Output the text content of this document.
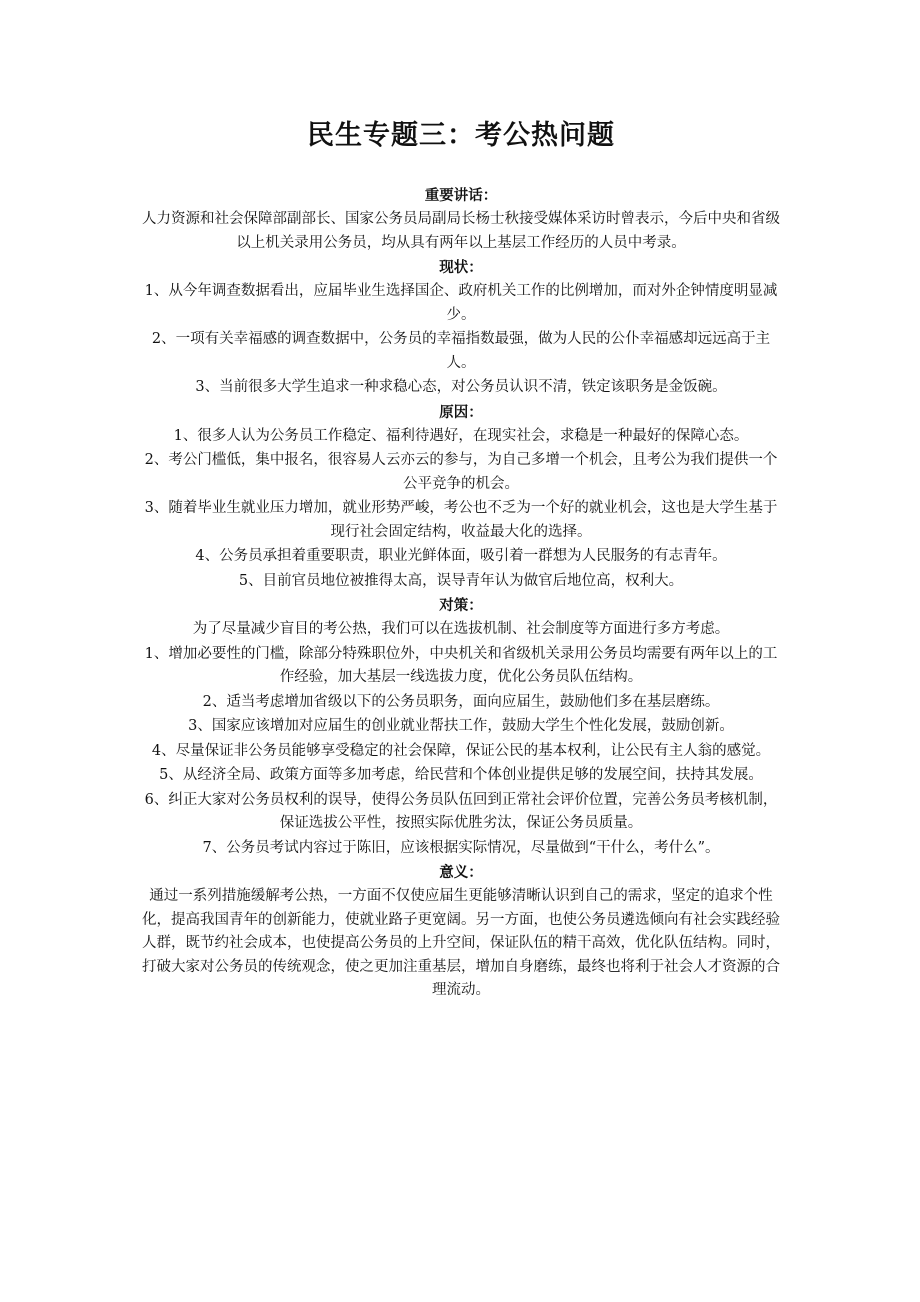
民生专题三：考公热问题

重要讲话：

人力资源和社会保障部副部长、国家公务员局副局长杨士秋接受媒体采访时曾表示，今后中央和省级以上机关录用公务员，均从具有两年以上基层工作经历的人员中考录。

现状：

1、从今年调查数据看出，应届毕业生选择国企、政府机关工作的比例增加，而对外企钟情度明显减少。

2、一项有关幸福感的调查数据中，公务员的幸福指数最强，做为人民的公仆幸福感却远远高于主人。

3、当前很多大学生追求一种求稳心态，对公务员认识不清，铁定该职务是金饭碗。

原因：

1、很多人认为公务员工作稳定、福利待遇好，在现实社会，求稳是一种最好的保障心态。

2、考公门槛低，集中报名，很容易人云亦云的参与，为自己多增一个机会，且考公为我们提供一个公平竞争的机会。

3、随着毕业生就业压力增加，就业形势严峻，考公也不乏为一个好的就业机会，这也是大学生基于现行社会固定结构，收益最大化的选择。

4、公务员承担着重要职责，职业光鲜体面，吸引着一群想为人民服务的有志青年。

5、目前官员地位被推得太高，误导青年认为做官后地位高，权利大。

对策：

为了尽量减少盲目的考公热，我们可以在选拔机制、社会制度等方面进行多方考虑。

1、增加必要性的门槛，除部分特殊职位外，中央机关和省级机关录用公务员均需要有两年以上的工作经验，加大基层一线选拔力度，优化公务员队伍结构。

2、适当考虑增加省级以下的公务员职务，面向应届生，鼓励他们多在基层磨练。

3、国家应该增加对应届生的创业就业帮扶工作，鼓励大学生个性化发展，鼓励创新。

4、尽量保证非公务员能够享受稳定的社会保障，保证公民的基本权利，让公民有主人翁的感觉。

5、从经济全局、政策方面等多加考虑，给民营和个体创业提供足够的发展空间，扶持其发展。

6、纠正大家对公务员权利的误导，使得公务员队伍回到正常社会评价位置，完善公务员考核机制，保证选拔公平性，按照实际优胜劣汰，保证公务员质量。

7、公务员考试内容过于陈旧，应该根据实际情况，尽量做到“干什么，考什么”。

意义：

通过一系列措施缓解考公热，一方面不仅使应届生更能够清晰认识到自己的需求，坚定的追求个性化，提高我国青年的创新能力，使就业路子更宽阔。另一方面，也使公务员遴选倾向有社会实践经验人群，既节约社会成本，也使提高公务员的上升空间，保证队伍的精干高效，优化队伍结构。同时，打破大家对公务员的传统观念，使之更加注重基层，增加自身磨练，最终也将利于社会人才资源的合理流动。
